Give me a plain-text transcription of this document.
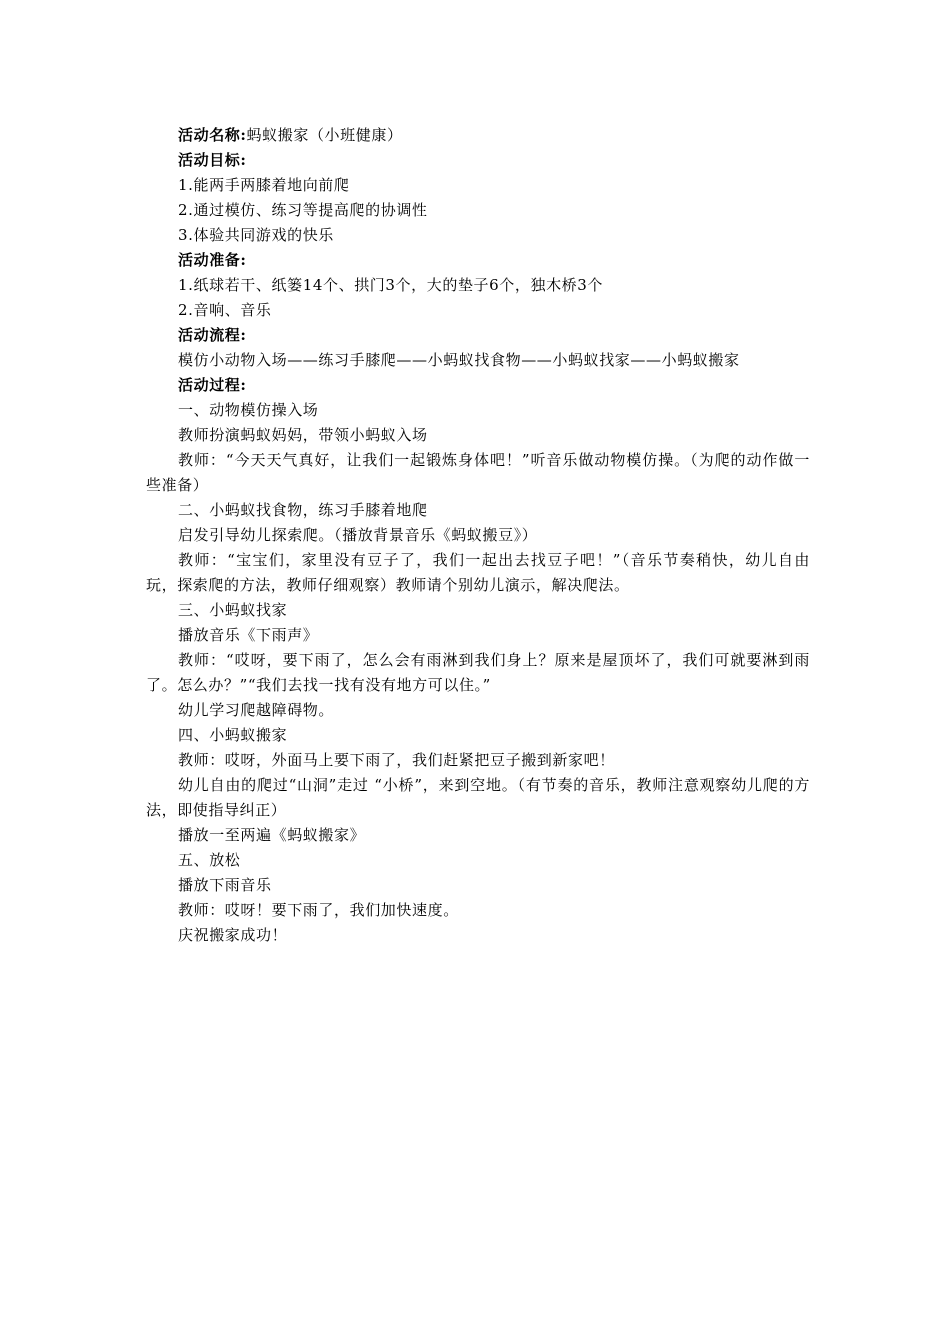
活动名称:蚂蚁搬家（小班健康）

活动目标:

1.能两手两膝着地向前爬

2.通过模仿、练习等提高爬的协调性

3.体验共同游戏的快乐

活动准备:

1.纸球若干、纸篓14个、拱门3个，大的垫子6个，独木桥3个

2.音响、音乐

活动流程:

模仿小动物入场——练习手膝爬——小蚂蚁找食物——小蚂蚁找家——小蚂蚁搬家

活动过程:

一、动物模仿操入场

教师扮演蚂蚁妈妈，带领小蚂蚁入场

教师：“今天天气真好，让我们一起锻炼身体吧！”听音乐做动物模仿操。（为爬的动作做一些准备）

二、小蚂蚁找食物，练习手膝着地爬

启发引导幼儿探索爬。（播放背景音乐《蚂蚁搬豆》）

教师：“宝宝们，家里没有豆子了，我们一起出去找豆子吧！”（音乐节奏稍快，幼儿自由玩，探索爬的方法，教师仔细观察）教师请个别幼儿演示，解决爬法。

三、小蚂蚁找家

播放音乐《下雨声》

教师：“哎呀，要下雨了，怎么会有雨淋到我们身上？原来是屋顶坏了，我们可就要淋到雨了。怎么办？”“我们去找一找有没有地方可以住。”

幼儿学习爬越障碍物。

四、小蚂蚁搬家

教师：哎呀，外面马上要下雨了，我们赶紧把豆子搬到新家吧！

幼儿自由的爬过“山洞”走过 “小桥”，来到空地。（有节奏的音乐，教师注意观察幼儿爬的方法，即使指导纠正）

播放一至两遍《蚂蚁搬家》

五、放松

播放下雨音乐

教师：哎呀！要下雨了，我们加快速度。

庆祝搬家成功！
